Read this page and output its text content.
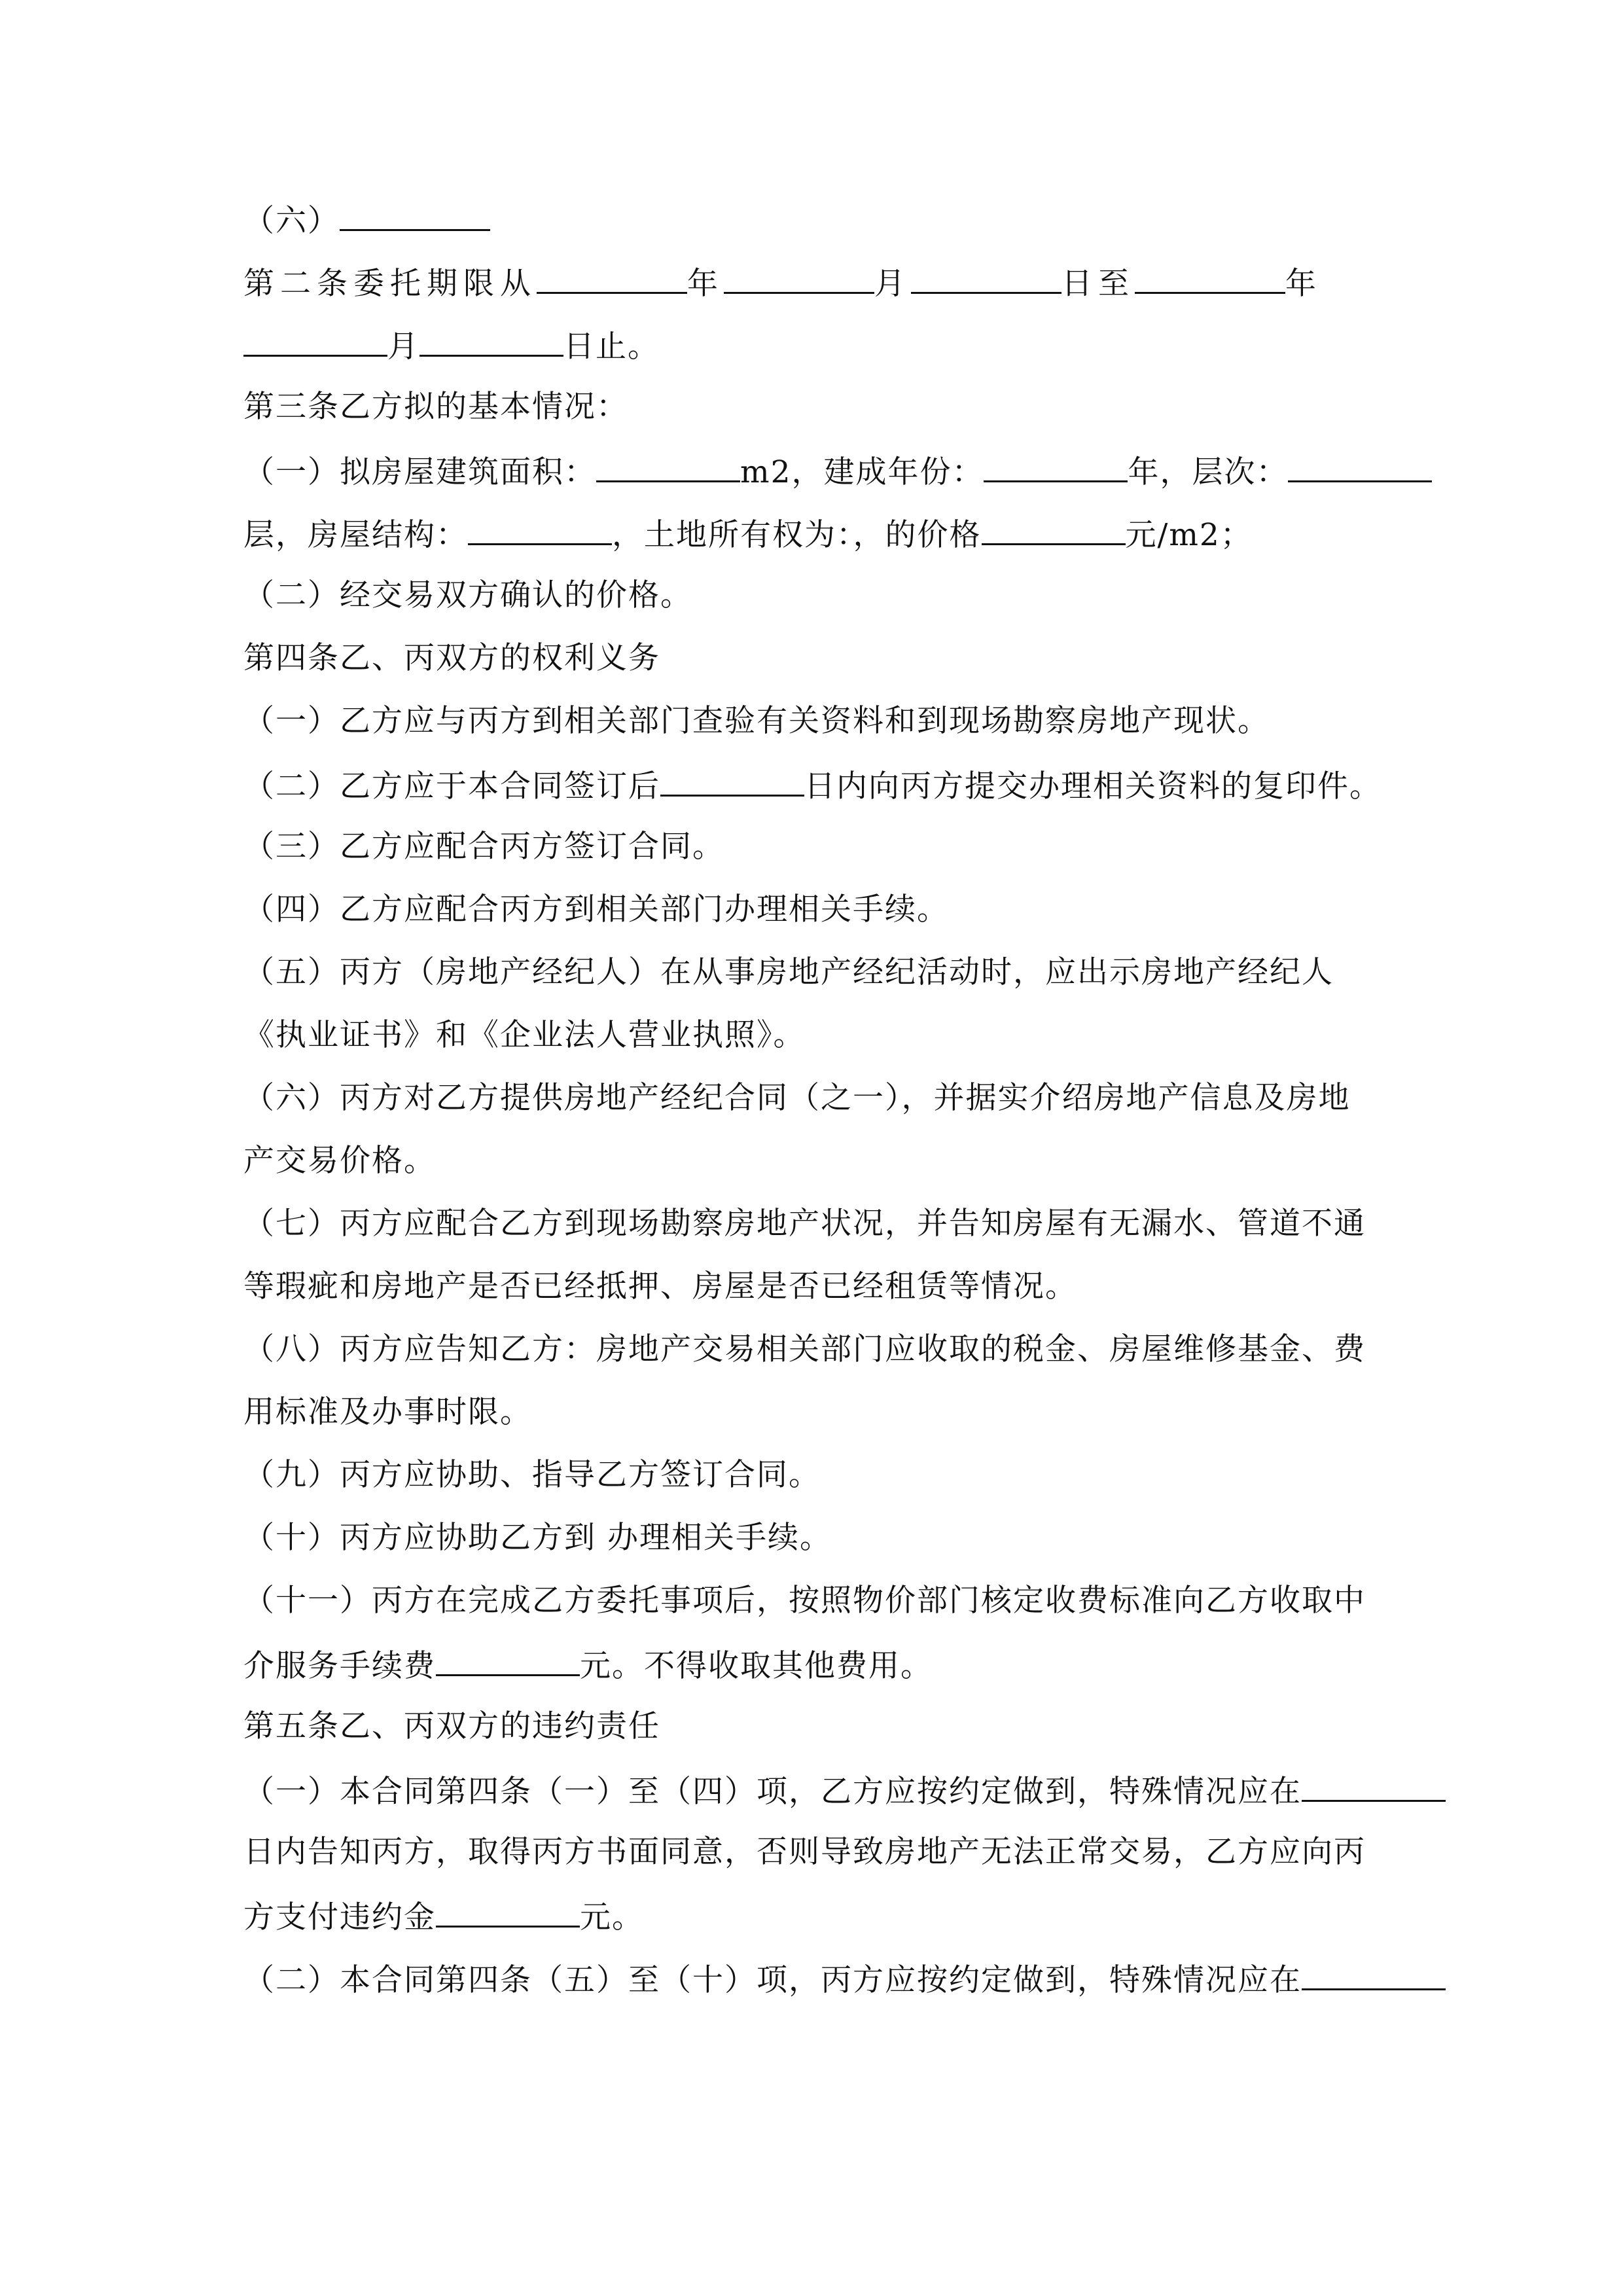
（六）
第二条委托期限从	年	月	日至	年
月	日止。
第三条乙方拟的基本情况：
（一）拟房屋建筑面积：	m2，建成年份：	年，层次：
层，房屋结构：	，土地所有权为：，的价格	元/m2；
（二）经交易双方确认的价格。
第四条乙、丙双方的权利义务
（一）乙方应与丙方到相关部门查验有关资料和到现场勘察房地产现状。
（二）乙方应于本合同签订后	日内向丙方提交办理相关资料的复印件。
（三）乙方应配合丙方签订合同。
（四）乙方应配合丙方到相关部门办理相关手续。
（五）丙方（房地产经纪人）在从事房地产经纪活动时，应出示房地产经纪人
《执业证书》和《企业法人营业执照》。
（六）丙方对乙方提供房地产经纪合同（之一），并据实介绍房地产信息及房地
产交易价格。
（七）丙方应配合乙方到现场勘察房地产状况，并告知房屋有无漏水、管道不通
等瑕疵和房地产是否已经抵押、房屋是否已经租赁等情况。
（八）丙方应告知乙方：房地产交易相关部门应收取的税金、房屋维修基金、费
用标准及办事时限。
（九）丙方应协助、指导乙方签订合同。
（十）丙方应协助乙方到 办理相关手续。
（十一）丙方在完成乙方委托事项后，按照物价部门核定收费标准向乙方收取中
介服务手续费	元。不得收取其他费用。
第五条乙、丙双方的违约责任
（一）本合同第四条（一）至（四）项，乙方应按约定做到，特殊情况应在
日内告知丙方，取得丙方书面同意，否则导致房地产无法正常交易，乙方应向丙
方支付违约金	元。
（二）本合同第四条（五）至（十）项，丙方应按约定做到，特殊情况应在
